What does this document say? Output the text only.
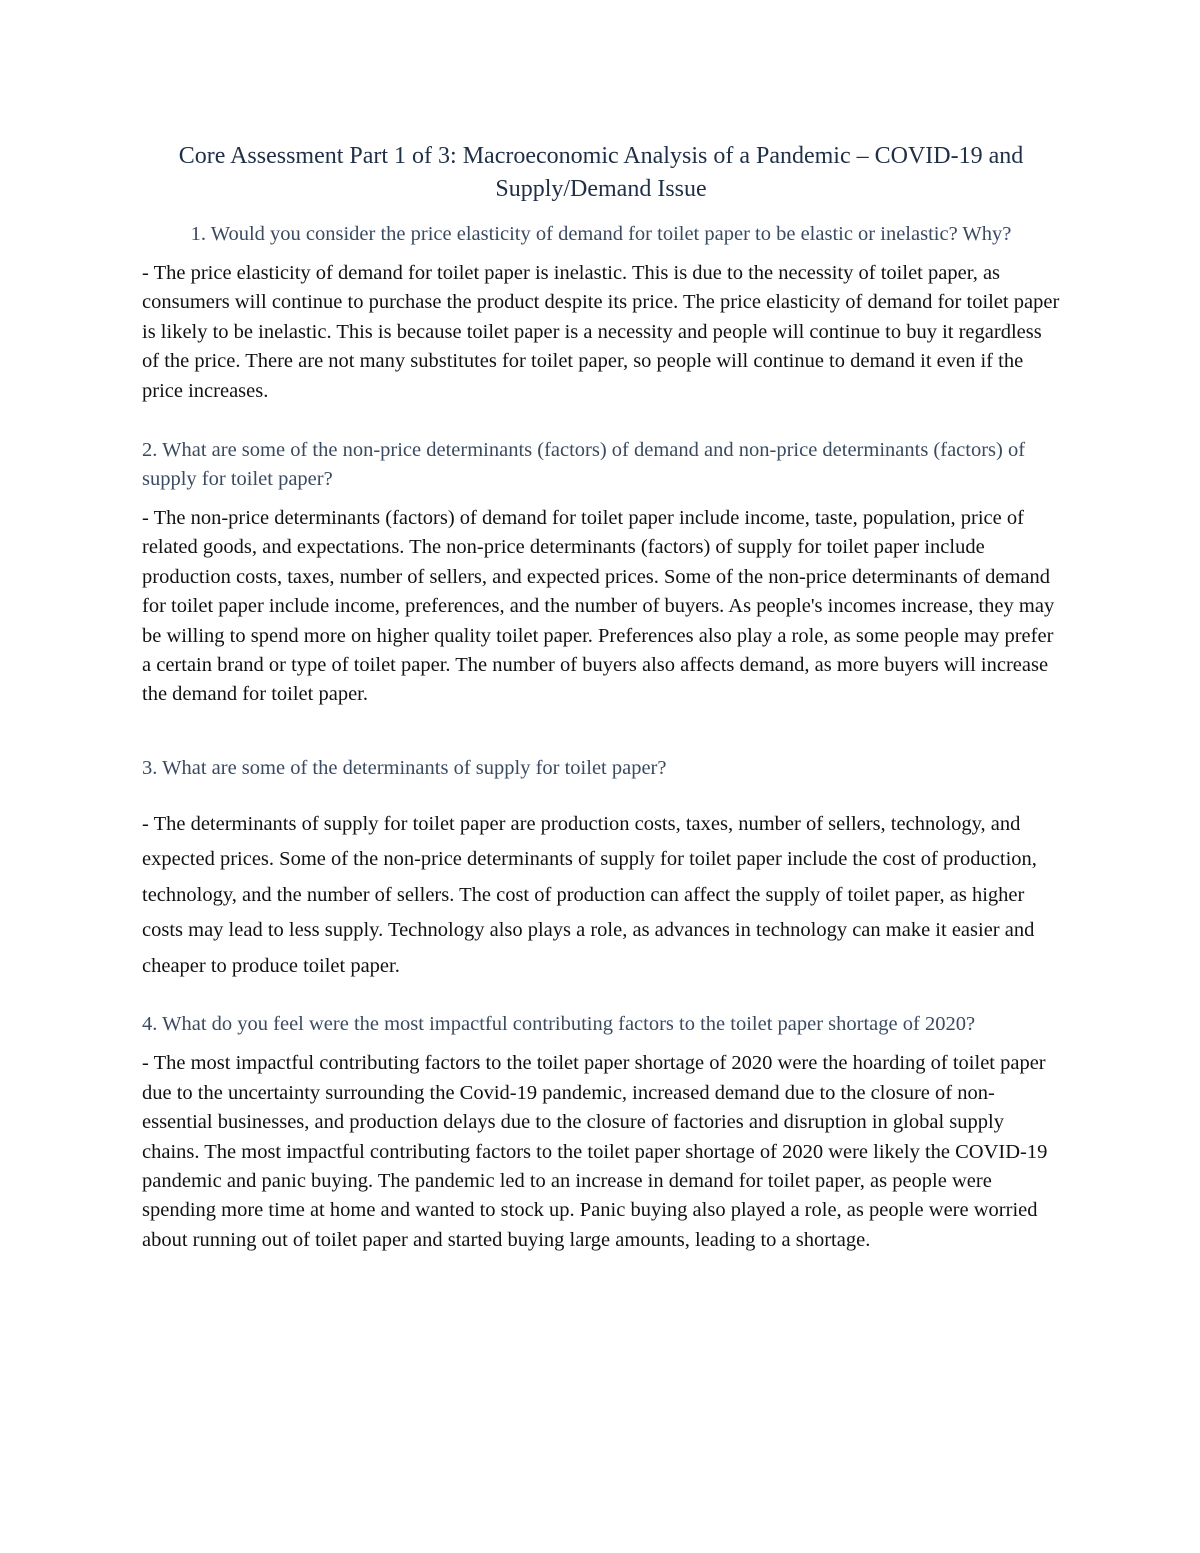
Core Assessment Part 1 of 3: Macroeconomic Analysis of a Pandemic – COVID-19 and Supply/Demand Issue

1. Would you consider the price elasticity of demand for toilet paper to be elastic or inelastic? Why?

- The price elasticity of demand for toilet paper is inelastic. This is due to the necessity of toilet paper, as consumers will continue to purchase the product despite its price. The price elasticity of demand for toilet paper is likely to be inelastic. This is because toilet paper is a necessity and people will continue to buy it regardless of the price. There are not many substitutes for toilet paper, so people will continue to demand it even if the price increases.

2. What are some of the non-price determinants (factors) of demand and non-price determinants (factors) of supply for toilet paper?

- The non-price determinants (factors) of demand for toilet paper include income, taste, population, price of related goods, and expectations. The non-price determinants (factors) of supply for toilet paper include production costs, taxes, number of sellers, and expected prices. Some of the non-price determinants of demand for toilet paper include income, preferences, and the number of buyers. As people's incomes increase, they may be willing to spend more on higher quality toilet paper. Preferences also play a role, as some people may prefer a certain brand or type of toilet paper. The number of buyers also affects demand, as more buyers will increase the demand for toilet paper.

3. What are some of the determinants of supply for toilet paper?

- The determinants of supply for toilet paper are production costs, taxes, number of sellers, technology, and expected prices. Some of the non-price determinants of supply for toilet paper include the cost of production, technology, and the number of sellers. The cost of production can affect the supply of toilet paper, as higher costs may lead to less supply. Technology also plays a role, as advances in technology can make it easier and cheaper to produce toilet paper.

4. What do you feel were the most impactful contributing factors to the toilet paper shortage of 2020?

- The most impactful contributing factors to the toilet paper shortage of 2020 were the hoarding of toilet paper due to the uncertainty surrounding the Covid-19 pandemic, increased demand due to the closure of non-essential businesses, and production delays due to the closure of factories and disruption in global supply chains. The most impactful contributing factors to the toilet paper shortage of 2020 were likely the COVID-19 pandemic and panic buying. The pandemic led to an increase in demand for toilet paper, as people were spending more time at home and wanted to stock up. Panic buying also played a role, as people were worried about running out of toilet paper and started buying large amounts, leading to a shortage.
